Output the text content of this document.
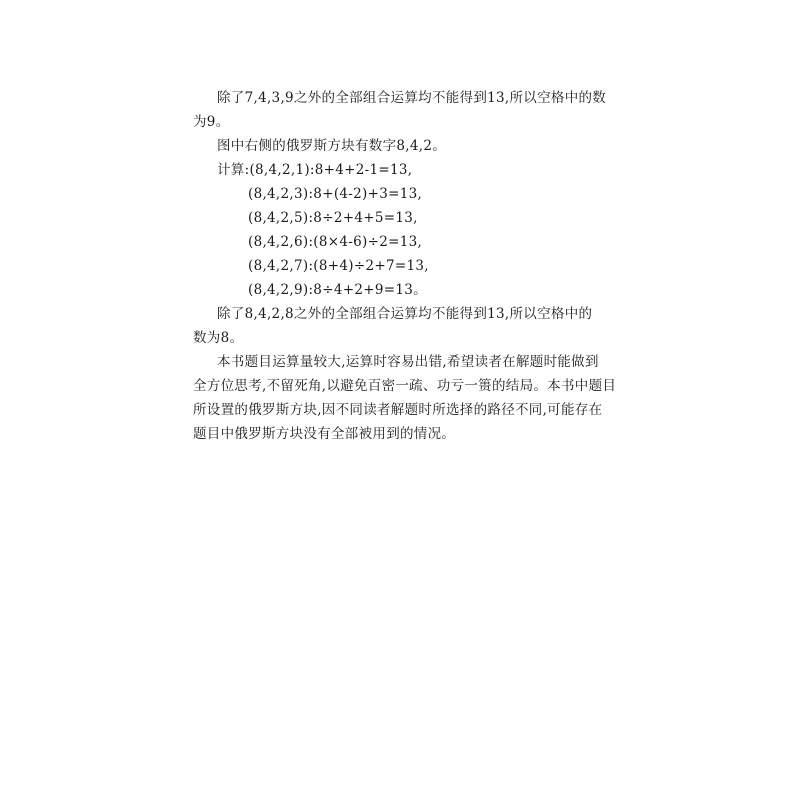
除了7,4,3,9之外的全部组合运算均不能得到13,所以空格中的数
为9。
图中右侧的俄罗斯方块有数字8,4,2。
计算:(8,4,2,1):8+4+2-1=13,
(8,4,2,3):8+(4-2)+3=13,
(8,4,2,5):8÷2+4+5=13,
(8,4,2,6):(8×4-6)÷2=13,
(8,4,2,7):(8+4)÷2+7=13,
(8,4,2,9):8÷4+2+9=13。
除了8,4,2,8之外的全部组合运算均不能得到13,所以空格中的
数为8。
本书题目运算量较大,运算时容易出错,希望读者在解题时能做到
全方位思考,不留死角,以避免百密一疏、功亏一篑的结局。本书中题目
所设置的俄罗斯方块,因不同读者解题时所选择的路径不同,可能存在
题目中俄罗斯方块没有全部被用到的情况。
